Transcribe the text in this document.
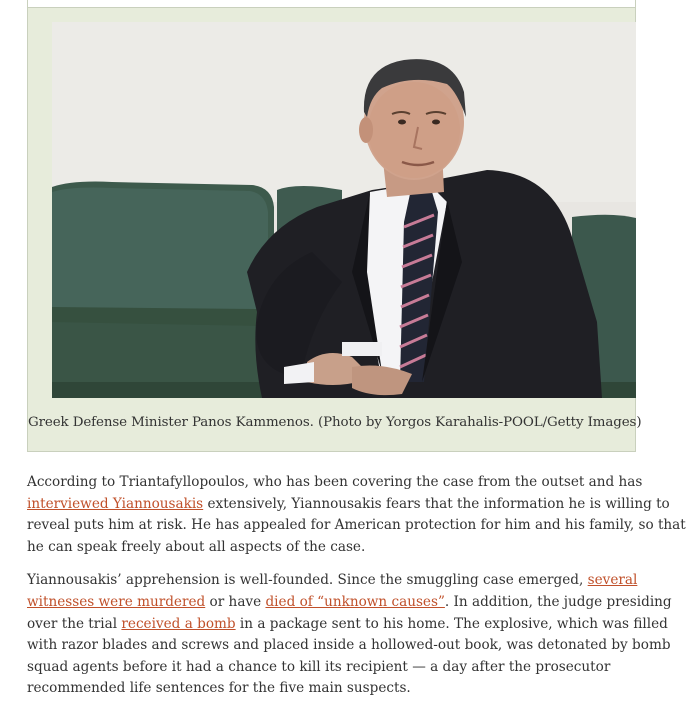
Greek Defense Minister Panos Kammenos. (Photo by Yorgos Karahalis-POOL/Getty Images)

According to Triantafyllopoulos, who has been covering the case from the outset and has
interviewed Yiannousakis extensively, Yiannousakis fears that the information he is willing to
reveal puts him at risk. He has appealed for American protection for him and his family, so that
he can speak freely about all aspects of the case.

Yiannousakis’ apprehension is well-founded. Since the smuggling case emerged, several
witnesses were murdered or have died of “unknown causes”. In addition, the judge presiding
over the trial received a bomb in a package sent to his home. The explosive, which was filled
with razor blades and screws and placed inside a hollowed-out book, was detonated by bomb
squad agents before it had a chance to kill its recipient — a day after the prosecutor
recommended life sentences for the five main suspects.
